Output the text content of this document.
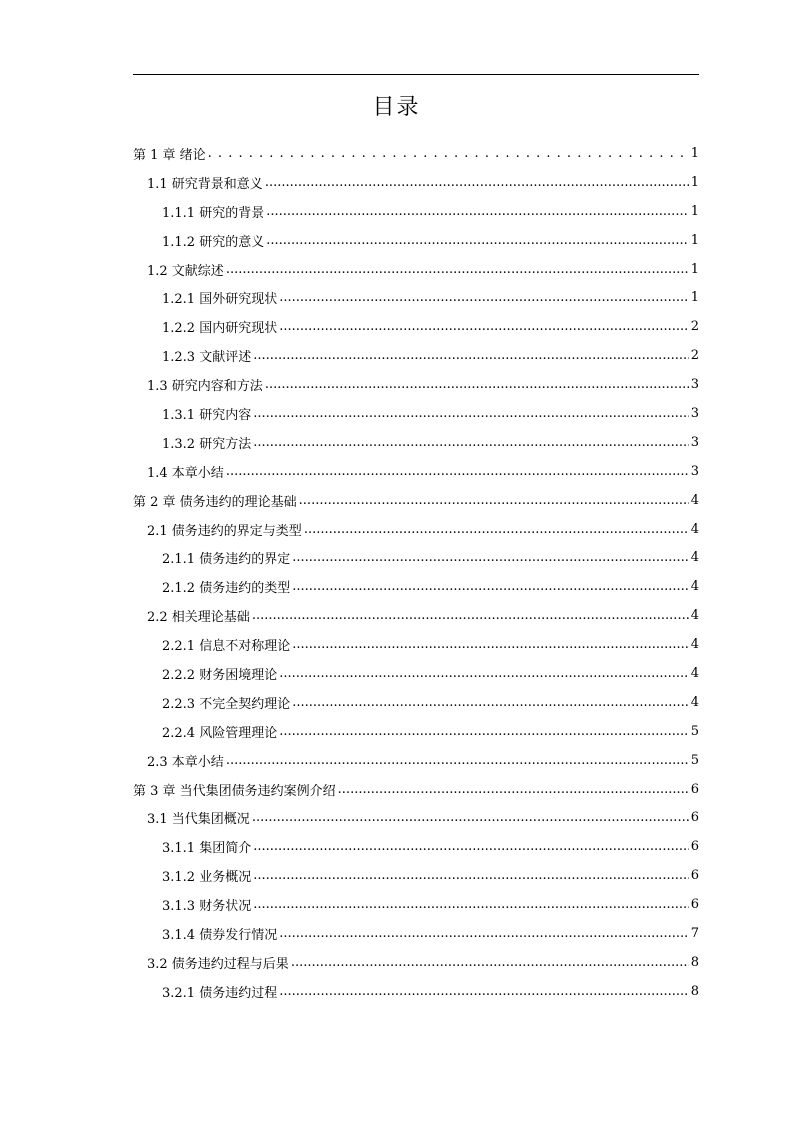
目录
第 1 章 绪论 . . .	1
1.1 研究背景和意义 .....	1
1.1.1 研究的背景 .....	1
1.1.2 研究的意义 .....	1
1.2 文献综述 .....	1
1.2.1 国外研究现状 .....	1
1.2.2 国内研究现状 .....	2
1.2.3 文献评述 .....	2
1.3 研究内容和方法 .....	3
1.3.1 研究内容 .....	3
1.3.2 研究方法 .....	3
1.4 本章小结 .....	3
第 2 章 债务违约的理论基础 .....	4
2.1 债务违约的界定与类型 .....	4
2.1.1 债务违约的界定 .....	4
2.1.2 债务违约的类型 .....	4
2.2 相关理论基础 .....	4
2.2.1 信息不对称理论 .....	4
2.2.2 财务困境理论 .....	4
2.2.3 不完全契约理论 .....	4
2.2.4 风险管理理论 .....	5
2.3 本章小结 .....	5
第 3 章 当代集团债务违约案例介绍 .....	6
3.1 当代集团概况 .....	6
3.1.1 集团简介 .....	6
3.1.2 业务概况 .....	6
3.1.3 财务状况 .....	6
3.1.4 债券发行情况 .....	7
3.2 债务违约过程与后果 .....	8
3.2.1 债务违约过程 .....	8
